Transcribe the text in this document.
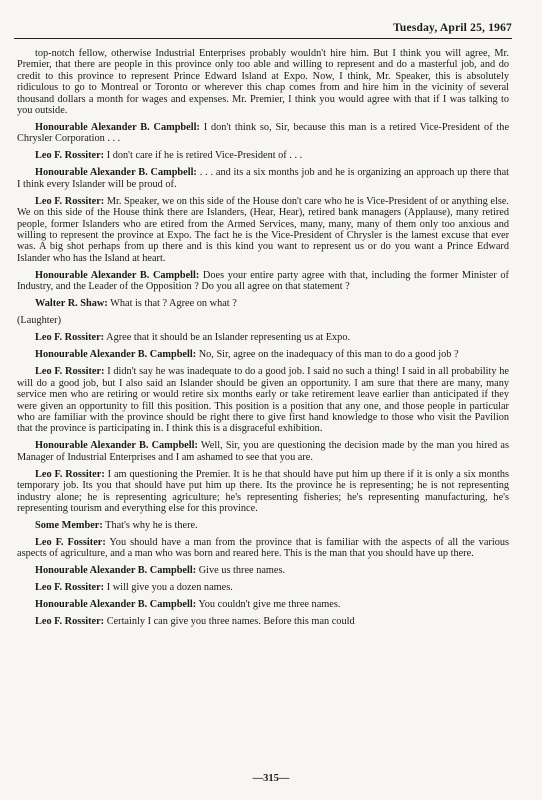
Tuesday, April 25, 1967

top-notch fellow, otherwise Industrial Enterprises probably wouldn't hire him. But I think you will agree, Mr. Premier, that there are people in this province only too able and willing to represent and do a masterful job, and do credit to this province to represent Prince Edward Island at Expo. Now, I think, Mr. Speaker, this is absolutely ridiculous to go to Montreal or Toronto or wherever this chap comes from and hire him in the vicinity of several thousand dollars a month for wages and expenses. Mr. Premier, I think you would agree with that if I was talking to you outside.

Honourable Alexander B. Campbell: I don't think so, Sir, because this man is a retired Vice-President of the Chrysler Corporation . . .

Leo F. Rossiter: I don't care if he is retired Vice-President of . . .

Honourable Alexander B. Campbell: . . . and its a six months job and he is organizing an approach up there that I think every Islander will be proud of.

Leo F. Rossiter: Mr. Speaker, we on this side of the House don't care who he is Vice-President of or anything else. We on this side of the House think there are Islanders, (Hear, Hear), retired bank managers (Applause), many retired people, former Islanders who are etired from the Armed Services, many, many, many of them only too anxious and willing to represent the province at Expo. The fact he is the Vice-President of Chrysler is the lamest excuse that ever was. A big shot perhaps from up there and is this kind you want to represent us or do you want a Prince Edward Islander who has the Island at heart.

Honourable Alexander B. Campbell: Does your entire party agree with that, including the former Minister of Industry, and the Leader of the Opposition ? Do you all agree on that statement ?

Walter R. Shaw: What is that ? Agree on what ?

(Laughter)

Leo F. Rossiter: Agree that it should be an Islander representing us at Expo.

Honourable Alexander B. Campbell: No, Sir, agree on the inadequacy of this man to do a good job ?

Leo F. Rossiter: I didn't say he was inadequate to do a good job. I said no such a thing! I said in all probability he will do a good job, but I also said an Islander should be given an opportunity. I am sure that there are many, many service men who are retiring or would retire six months early or take retirement leave earlier than anticipated if they were given an opportunity to fill this position. This position is a position that any one, and those people in particular who are familiar with the province should be right there to give first hand knowledge to those who visit the Pavilion that the province is participating in. I think this is a disgraceful exhibition.

Honourable Alexander B. Campbell: Well, Sir, you are questioning the decision made by the man you hired as Manager of Industrial Enterprises and I am ashamed to see that you are.

Leo F. Rossiter: I am questioning the Premier. It is he that should have put him up there if it is only a six months temporary job. Its you that should have put him up there. Its the province he is representing; he is not representing industry alone; he is representing agriculture; he's representing fisheries; he's representing manufacturing, he's representing tourism and everything else for this province.

Some Member: That's why he is there.

Leo F. Fossiter: You should have a man from the province that is familiar with the aspects of all the various aspects of agriculture, and a man who was born and reared here. This is the man that you should have up there.

Honourable Alexander B. Campbell: Give us three names.

Leo F. Rossiter: I will give you a dozen names.

Honourable Alexander B. Campbell: You couldn't give me three names.

Leo F. Rossiter: Certainly I can give you three names. Before this man could

—315—
